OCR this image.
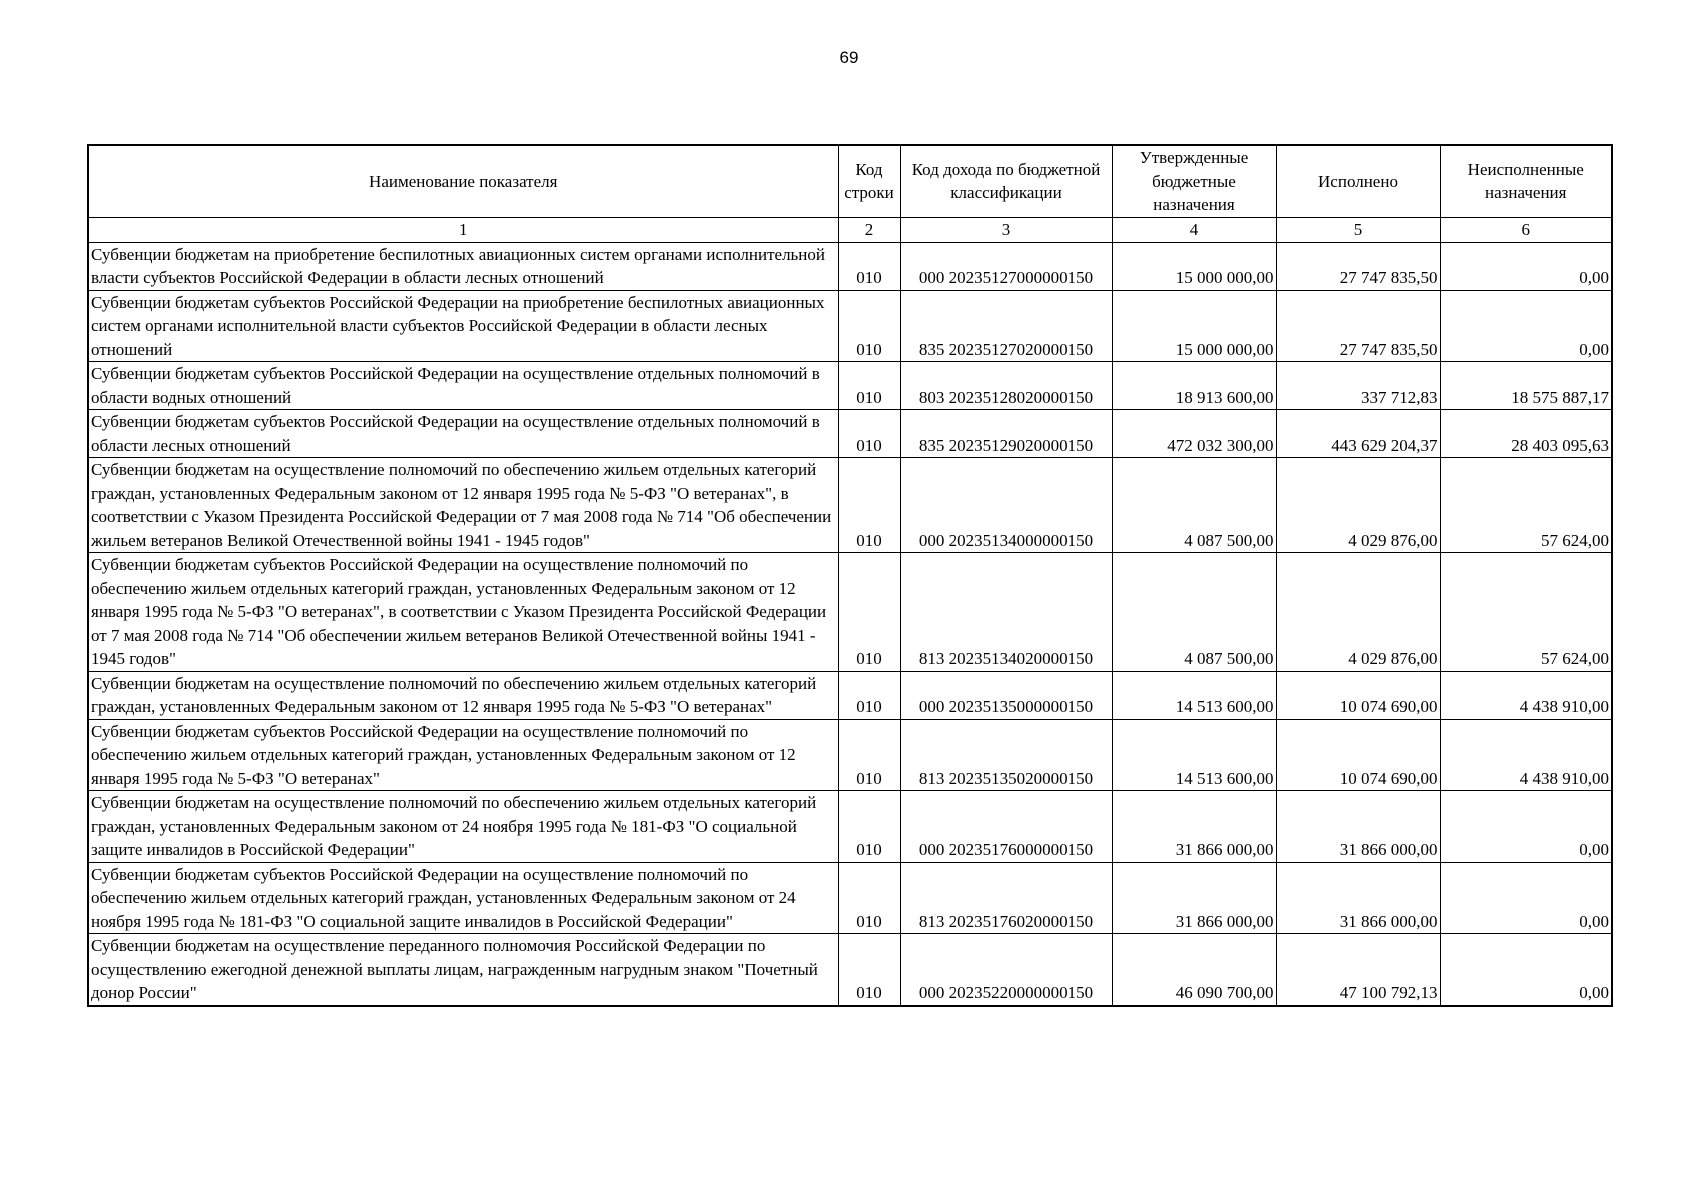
69
Наименование показателя	Код строки	Код дохода по бюджетной классификации	Утвержденные бюджетные назначения	Исполнено	Неисполненные назначения
1	2	3	4	5	6
Субвенции бюджетам на приобретение беспилотных авиационных систем органами исполнительной власти субъектов Российской Федерации в области лесных отношений	010	000 20235127000000150	15 000 000,00	27 747 835,50	0,00
Субвенции бюджетам субъектов Российской Федерации на приобретение беспилотных авиационных систем органами исполнительной власти субъектов Российской Федерации в области лесных отношений	010	835 20235127020000150	15 000 000,00	27 747 835,50	0,00
Субвенции бюджетам субъектов Российской Федерации на осуществление отдельных полномочий в области водных отношений	010	803 20235128020000150	18 913 600,00	337 712,83	18 575 887,17
Субвенции бюджетам субъектов Российской Федерации на осуществление отдельных полномочий в области лесных отношений	010	835 20235129020000150	472 032 300,00	443 629 204,37	28 403 095,63
Субвенции бюджетам на осуществление полномочий по обеспечению жильем отдельных категорий граждан, установленных Федеральным законом от 12 января 1995 года № 5-ФЗ "О ветеранах", в соответствии с Указом Президента Российской Федерации от 7 мая 2008 года № 714 "Об обеспечении жильем ветеранов Великой Отечественной войны 1941 - 1945 годов"	010	000 20235134000000150	4 087 500,00	4 029 876,00	57 624,00
Субвенции бюджетам субъектов Российской Федерации на осуществление полномочий по обеспечению жильем отдельных категорий граждан, установленных Федеральным законом от 12 января 1995 года № 5-ФЗ "О ветеранах", в соответствии с Указом Президента Российской Федерации от 7 мая 2008 года № 714 "Об обеспечении жильем ветеранов Великой Отечественной войны 1941 - 1945 годов"	010	813 20235134020000150	4 087 500,00	4 029 876,00	57 624,00
Субвенции бюджетам на осуществление полномочий по обеспечению жильем отдельных категорий граждан, установленных Федеральным законом от 12 января 1995 года № 5-ФЗ "О ветеранах"	010	000 20235135000000150	14 513 600,00	10 074 690,00	4 438 910,00
Субвенции бюджетам субъектов Российской Федерации на осуществление полномочий по обеспечению жильем отдельных категорий граждан, установленных Федеральным законом от 12 января 1995 года № 5-ФЗ "О ветеранах"	010	813 20235135020000150	14 513 600,00	10 074 690,00	4 438 910,00
Субвенции бюджетам на осуществление полномочий по обеспечению жильем отдельных категорий граждан, установленных Федеральным законом от 24 ноября 1995 года № 181-ФЗ "О социальной защите инвалидов в Российской Федерации"	010	000 20235176000000150	31 866 000,00	31 866 000,00	0,00
Субвенции бюджетам субъектов Российской Федерации на осуществление полномочий по обеспечению жильем отдельных категорий граждан, установленных Федеральным законом от 24 ноября 1995 года № 181-ФЗ "О социальной защите инвалидов в Российской Федерации"	010	813 20235176020000150	31 866 000,00	31 866 000,00	0,00
Субвенции бюджетам на осуществление переданного полномочия Российской Федерации по осуществлению ежегодной денежной выплаты лицам, награжденным нагрудным знаком "Почетный донор России"	010	000 20235220000000150	46 090 700,00	47 100 792,13	0,00
